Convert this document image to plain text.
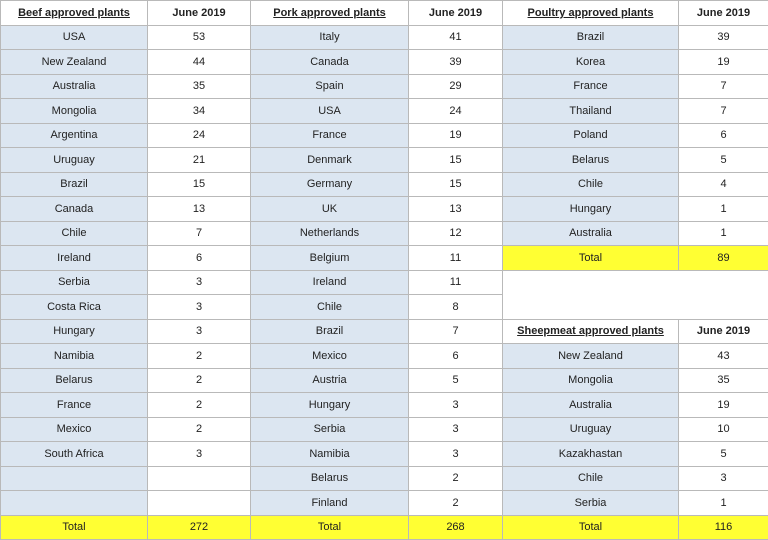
Beef approved plants	June 2019	Pork approved plants	June 2019	Poultry approved plants	June 2019
USA	53	Italy	41	Brazil	39
New Zealand	44	Canada	39	Korea	19
Australia	35	Spain	29	France	7
Mongolia	34	USA	24	Thailand	7
Argentina	24	France	19	Poland	6
Uruguay	21	Denmark	15	Belarus	5
Brazil	15	Germany	15	Chile	4
Canada	13	UK	13	Hungary	1
Chile	7	Netherlands	12	Australia	1
Ireland	6	Belgium	11	Total	89
Serbia	3	Ireland	11		
Costa Rica	3	Chile	8		
Hungary	3	Brazil	7	Sheepmeat approved plants	June 2019
Namibia	2	Mexico	6	New Zealand	43
Belarus	2	Austria	5	Mongolia	35
France	2	Hungary	3	Australia	19
Mexico	2	Serbia	3	Uruguay	10
South Africa	3	Namibia	3	Kazakhastan	5
		Belarus	2	Chile	3
		Finland	2	Serbia	1
Total	272	Total	268	Total	116
